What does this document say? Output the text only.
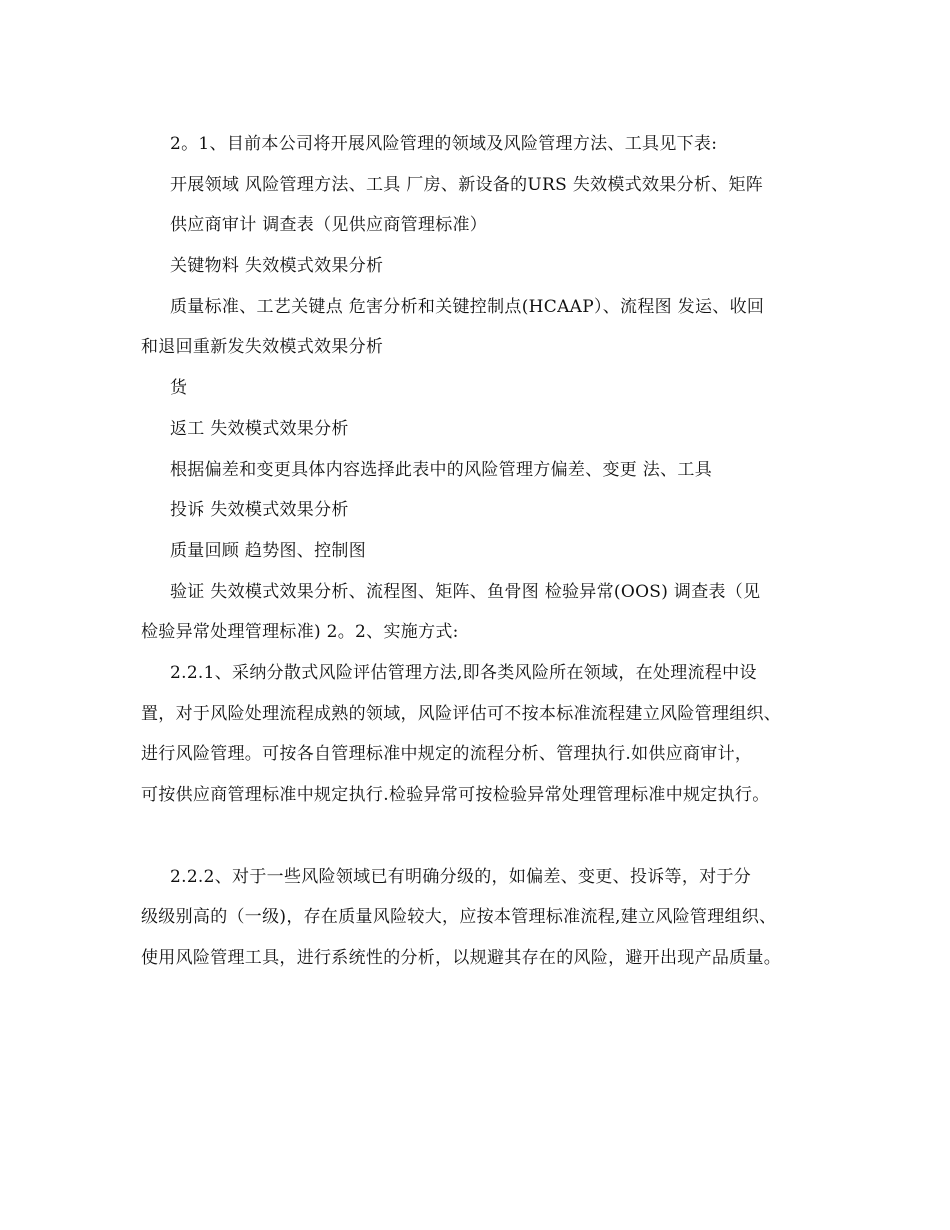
2。1、目前本公司将开展风险管理的领域及风险管理方法、工具见下表:
开展领域 风险管理方法、工具 厂房、新设备的URS 失效模式效果分析、矩阵
供应商审计 调查表（见供应商管理标准）
关键物料 失效模式效果分析
质量标准、工艺关键点 危害分析和关键控制点(HCAAP）、流程图 发运、收回
和退回重新发失效模式效果分析
货
返工 失效模式效果分析
根据偏差和变更具体内容选择此表中的风险管理方偏差、变更 法、工具
投诉 失效模式效果分析
质量回顾 趋势图、控制图
验证 失效模式效果分析、流程图、矩阵、鱼骨图 检验异常(OOS) 调查表（见
检验异常处理管理标准) 2。2、实施方式:
2.2.1、采纳分散式风险评估管理方法,即各类风险所在领域，在处理流程中设
置，对于风险处理流程成熟的领域，风险评估可不按本标准流程建立风险管理组织、
进行风险管理。可按各自管理标准中规定的流程分析、管理执行.如供应商审计，
可按供应商管理标准中规定执行.检验异常可按检验异常处理管理标准中规定执行。
2.2.2、对于一些风险领域已有明确分级的，如偏差、变更、投诉等，对于分
级级别高的（一级)，存在质量风险较大，应按本管理标准流程,建立风险管理组织、
使用风险管理工具，进行系统性的分析，以规避其存在的风险，避开出现产品质量。
